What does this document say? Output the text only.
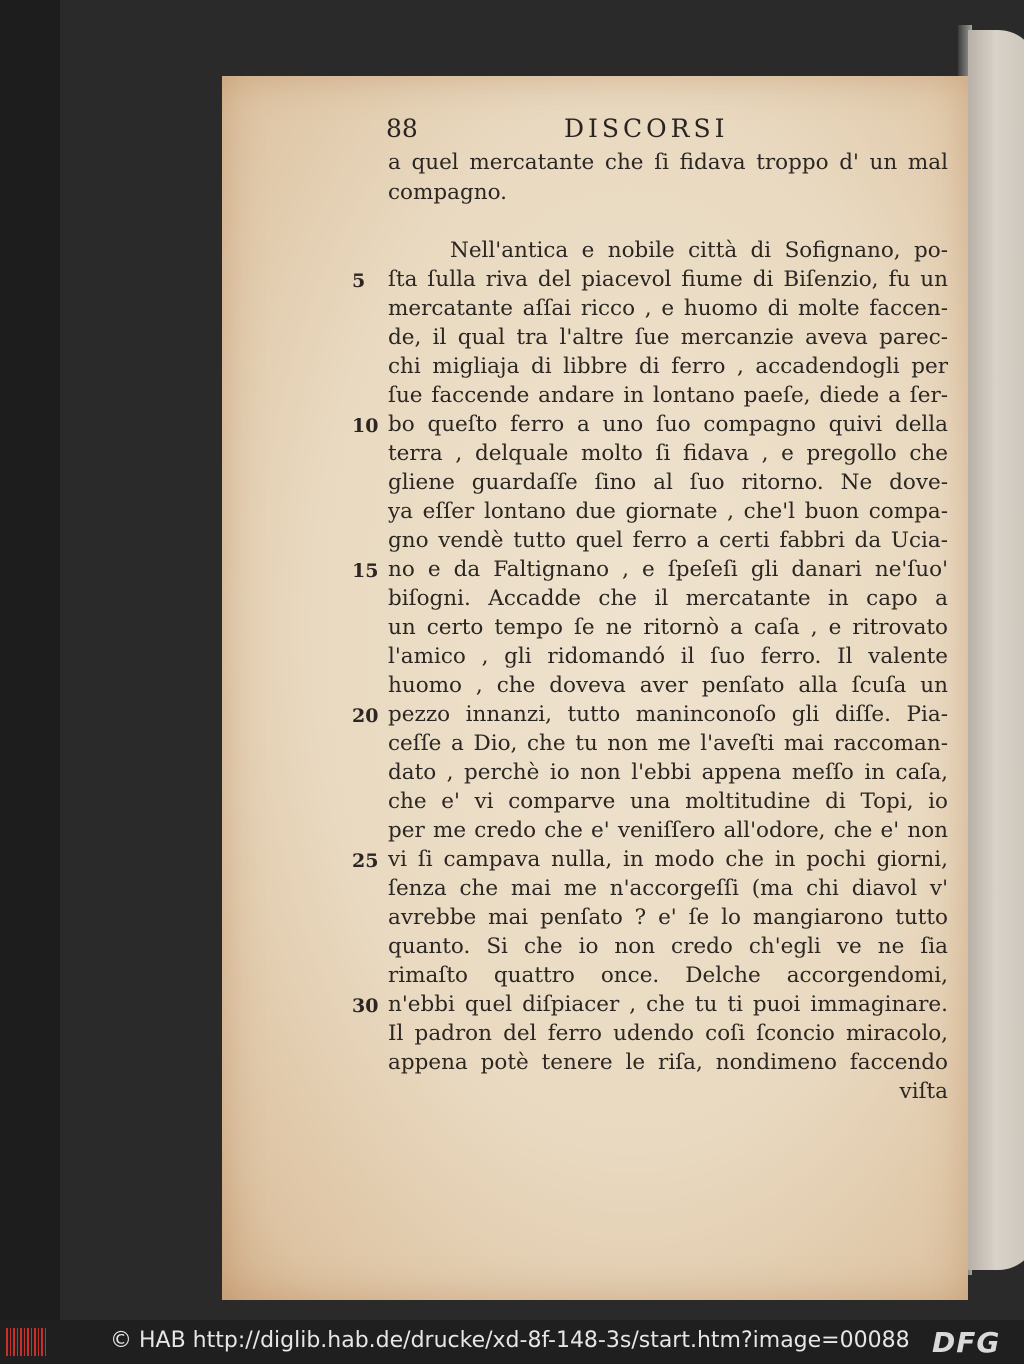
88	DISCORSI
a quel mercatante che ſi fidava troppo d' un mal
compagno.
Nell'antica e nobile città di Sofignano, po-
ſta ſulla riva del piacevol fiume di Biſenzio, fu un
mercatante aſſai ricco , e huomo di molte faccen-
de, il qual tra l'altre ſue mercanzie aveva parec-
chi migliaja di libbre di ferro , accadendogli per
ſue faccende andare in lontano paeſe, diede a ſer-
bo queſto ferro a uno ſuo compagno quivi della
terra , delquale molto ſi fidava , e pregollo che
gliene guardaſſe ſino al ſuo ritorno. Ne dove-
ya eſſer lontano due giornate , che'l buon compa-
gno vendè tutto quel ferro a certi fabbri da Ucia-
no e da Faltignano , e ſpeſeſi gli danari ne'ſuo'
biſogni. Accadde che il mercatante in capo a
un certo tempo ſe ne ritornò a caſa , e ritrovato
l'amico , gli ridomandó il ſuo ferro. Il valente
huomo , che doveva aver penſato alla ſcuſa un
pezzo innanzi, tutto maninconoſo gli diſſe. Pia-
ceſſe a Dio, che tu non me l'aveſti mai raccoman-
dato , perchè io non l'ebbi appena meſſo in caſa,
che e' vi comparve una moltitudine di Topi, io
per me credo che e' veniſſero all'odore, che e' non
vi ſi campava nulla, in modo che in pochi giorni,
ſenza che mai me n'accorgeſſi (ma chi diavol v'
avrebbe mai penſato ? e' ſe lo mangiarono tutto
quanto. Si che io non credo ch'egli ve ne ſia
rimaſto quattro once. Delche accorgendomi,
n'ebbi quel diſpiacer , che tu ti puoi immaginare.
Il padron del ferro udendo coſi ſconcio miracolo,
appena potè tenere le riſa, nondimeno faccendo
viſta
5
10
15
20
25
30
© HAB http://diglib.hab.de/drucke/xd-8f-148-3s/start.htm?image=00088 DFG
